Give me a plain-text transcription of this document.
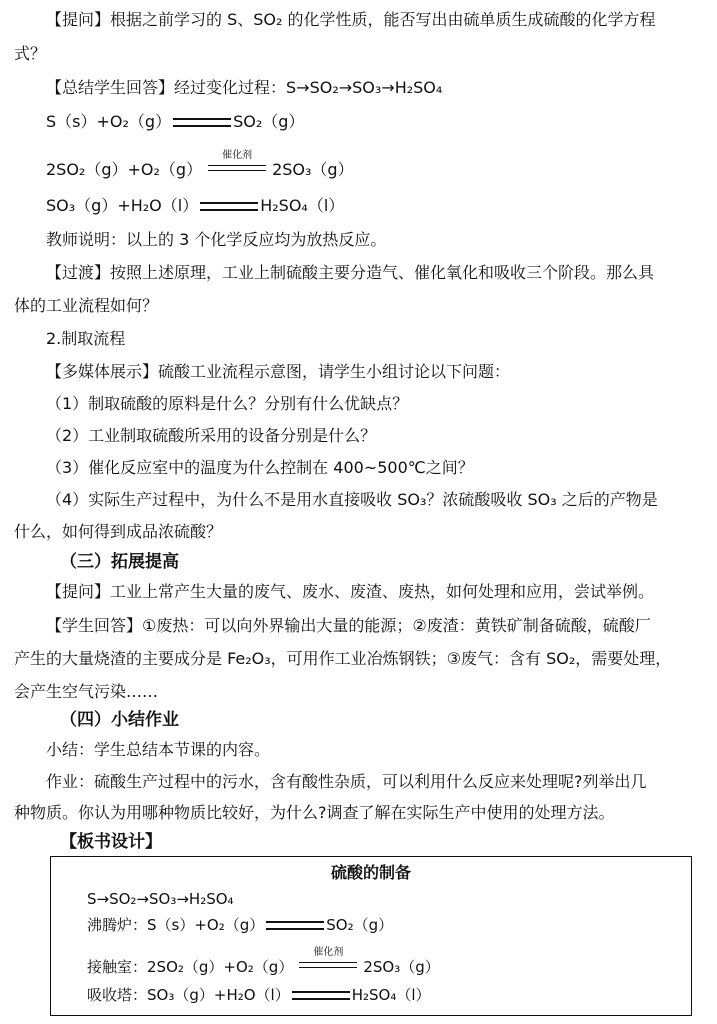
【提问】根据之前学习的 S、SO₂ 的化学性质，能否写出由硫单质生成硫酸的化学方程
式？
【总结学生回答】经过变化过程：S→SO₂→SO₃→H₂SO₄
S（s）+O₂（g）	SO₂（g）
2SO₂（g）+O₂（g）
催化剂
2SO₃（g）
SO₃（g）+H₂O（l）	H₂SO₄（l）
教师说明：以上的 3 个化学反应均为放热反应。
【过渡】按照上述原理，工业上制硫酸主要分造气、催化氧化和吸收三个阶段。那么具
体的工业流程如何？
2.制取流程
【多媒体展示】硫酸工业流程示意图，请学生小组讨论以下问题：
（1）制取硫酸的原料是什么？分别有什么优缺点？
（2）工业制取硫酸所采用的设备分别是什么？
（3）催化反应室中的温度为什么控制在 400~500℃之间？
（4）实际生产过程中，为什么不是用水直接吸收 SO₃？浓硫酸吸收 SO₃ 之后的产物是
什么，如何得到成品浓硫酸？
（三）拓展提高
【提问】工业上常产生大量的废气、废水、废渣、废热，如何处理和应用，尝试举例。
【学生回答】①废热：可以向外界输出大量的能源；②废渣：黄铁矿制备硫酸，硫酸厂
产生的大量烧渣的主要成分是 Fe₂O₃，可用作工业冶炼钢铁；③废气：含有 SO₂，需要处理，
会产生空气污染……
（四）小结作业
小结：学生总结本节课的内容。
作业：硫酸生产过程中的污水，含有酸性杂质，可以利用什么反应来处理呢?列举出几
种物质。你认为用哪种物质比较好，为什么?调查了解在实际生产中使用的处理方法。
【板书设计】
硫酸的制备
S→SO₂→SO₃→H₂SO₄
沸腾炉：S（s）+O₂（g）	SO₂（g）
接触室：2SO₂（g）+O₂（g）
催化剂
2SO₃（g）
吸收塔：SO₃（g）+H₂O（l）	H₂SO₄（l）
